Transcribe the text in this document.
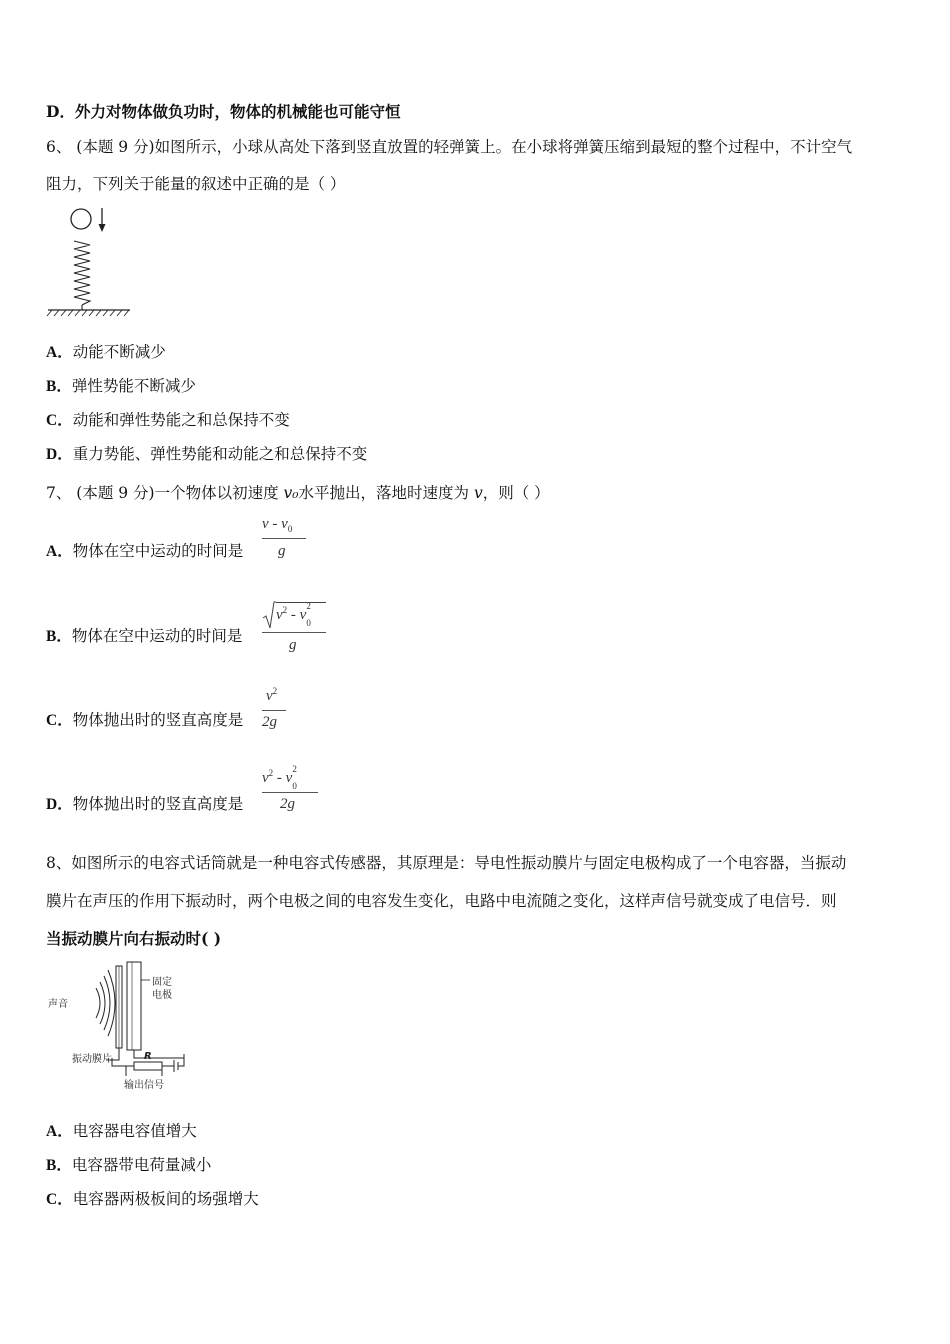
D．外力对物体做负功时，物体的机械能也可能守恒
6、 (本题 9 分)如图所示，小球从高处下落到竖直放置的轻弹簧上。在小球将弹簧压缩到最短的整个过程中，不计空气
阻力，下列关于能量的叙述中正确的是（ ）
A．动能不断减少
B．弹性势能不断减少
C．动能和弹性势能之和总保持不变
D．重力势能、弹性势能和动能之和总保持不变
7、 (本题 9 分)一个物体以初速度 v₀水平抛出，落地时速度为 v，则（ ）
A．物体在空中运动的时间是
v - $v_0$
g
B．物体在空中运动的时间是
$v^2$ - v
2
$_0$
g
C．物体抛出时的竖直高度是
$v^2$
2g
D．物体抛出时的竖直高度是
$v^2$ - v
2
$_0$
2g
8、如图所示的电容式话筒就是一种电容式传感器，其原理是：导电性振动膜片与固定电极构成了一个电容器，当振动
膜片在声压的作用下振动时，两个电极之间的电容发生变化，电路中电流随之变化，这样声信号就变成了电信号．则
当振动膜片向右振动时( )
声音
固定
电极
R
振动膜片
输出信号
A．电容器电容值增大
B．电容器带电荷量减小
C．电容器两极板间的场强增大
